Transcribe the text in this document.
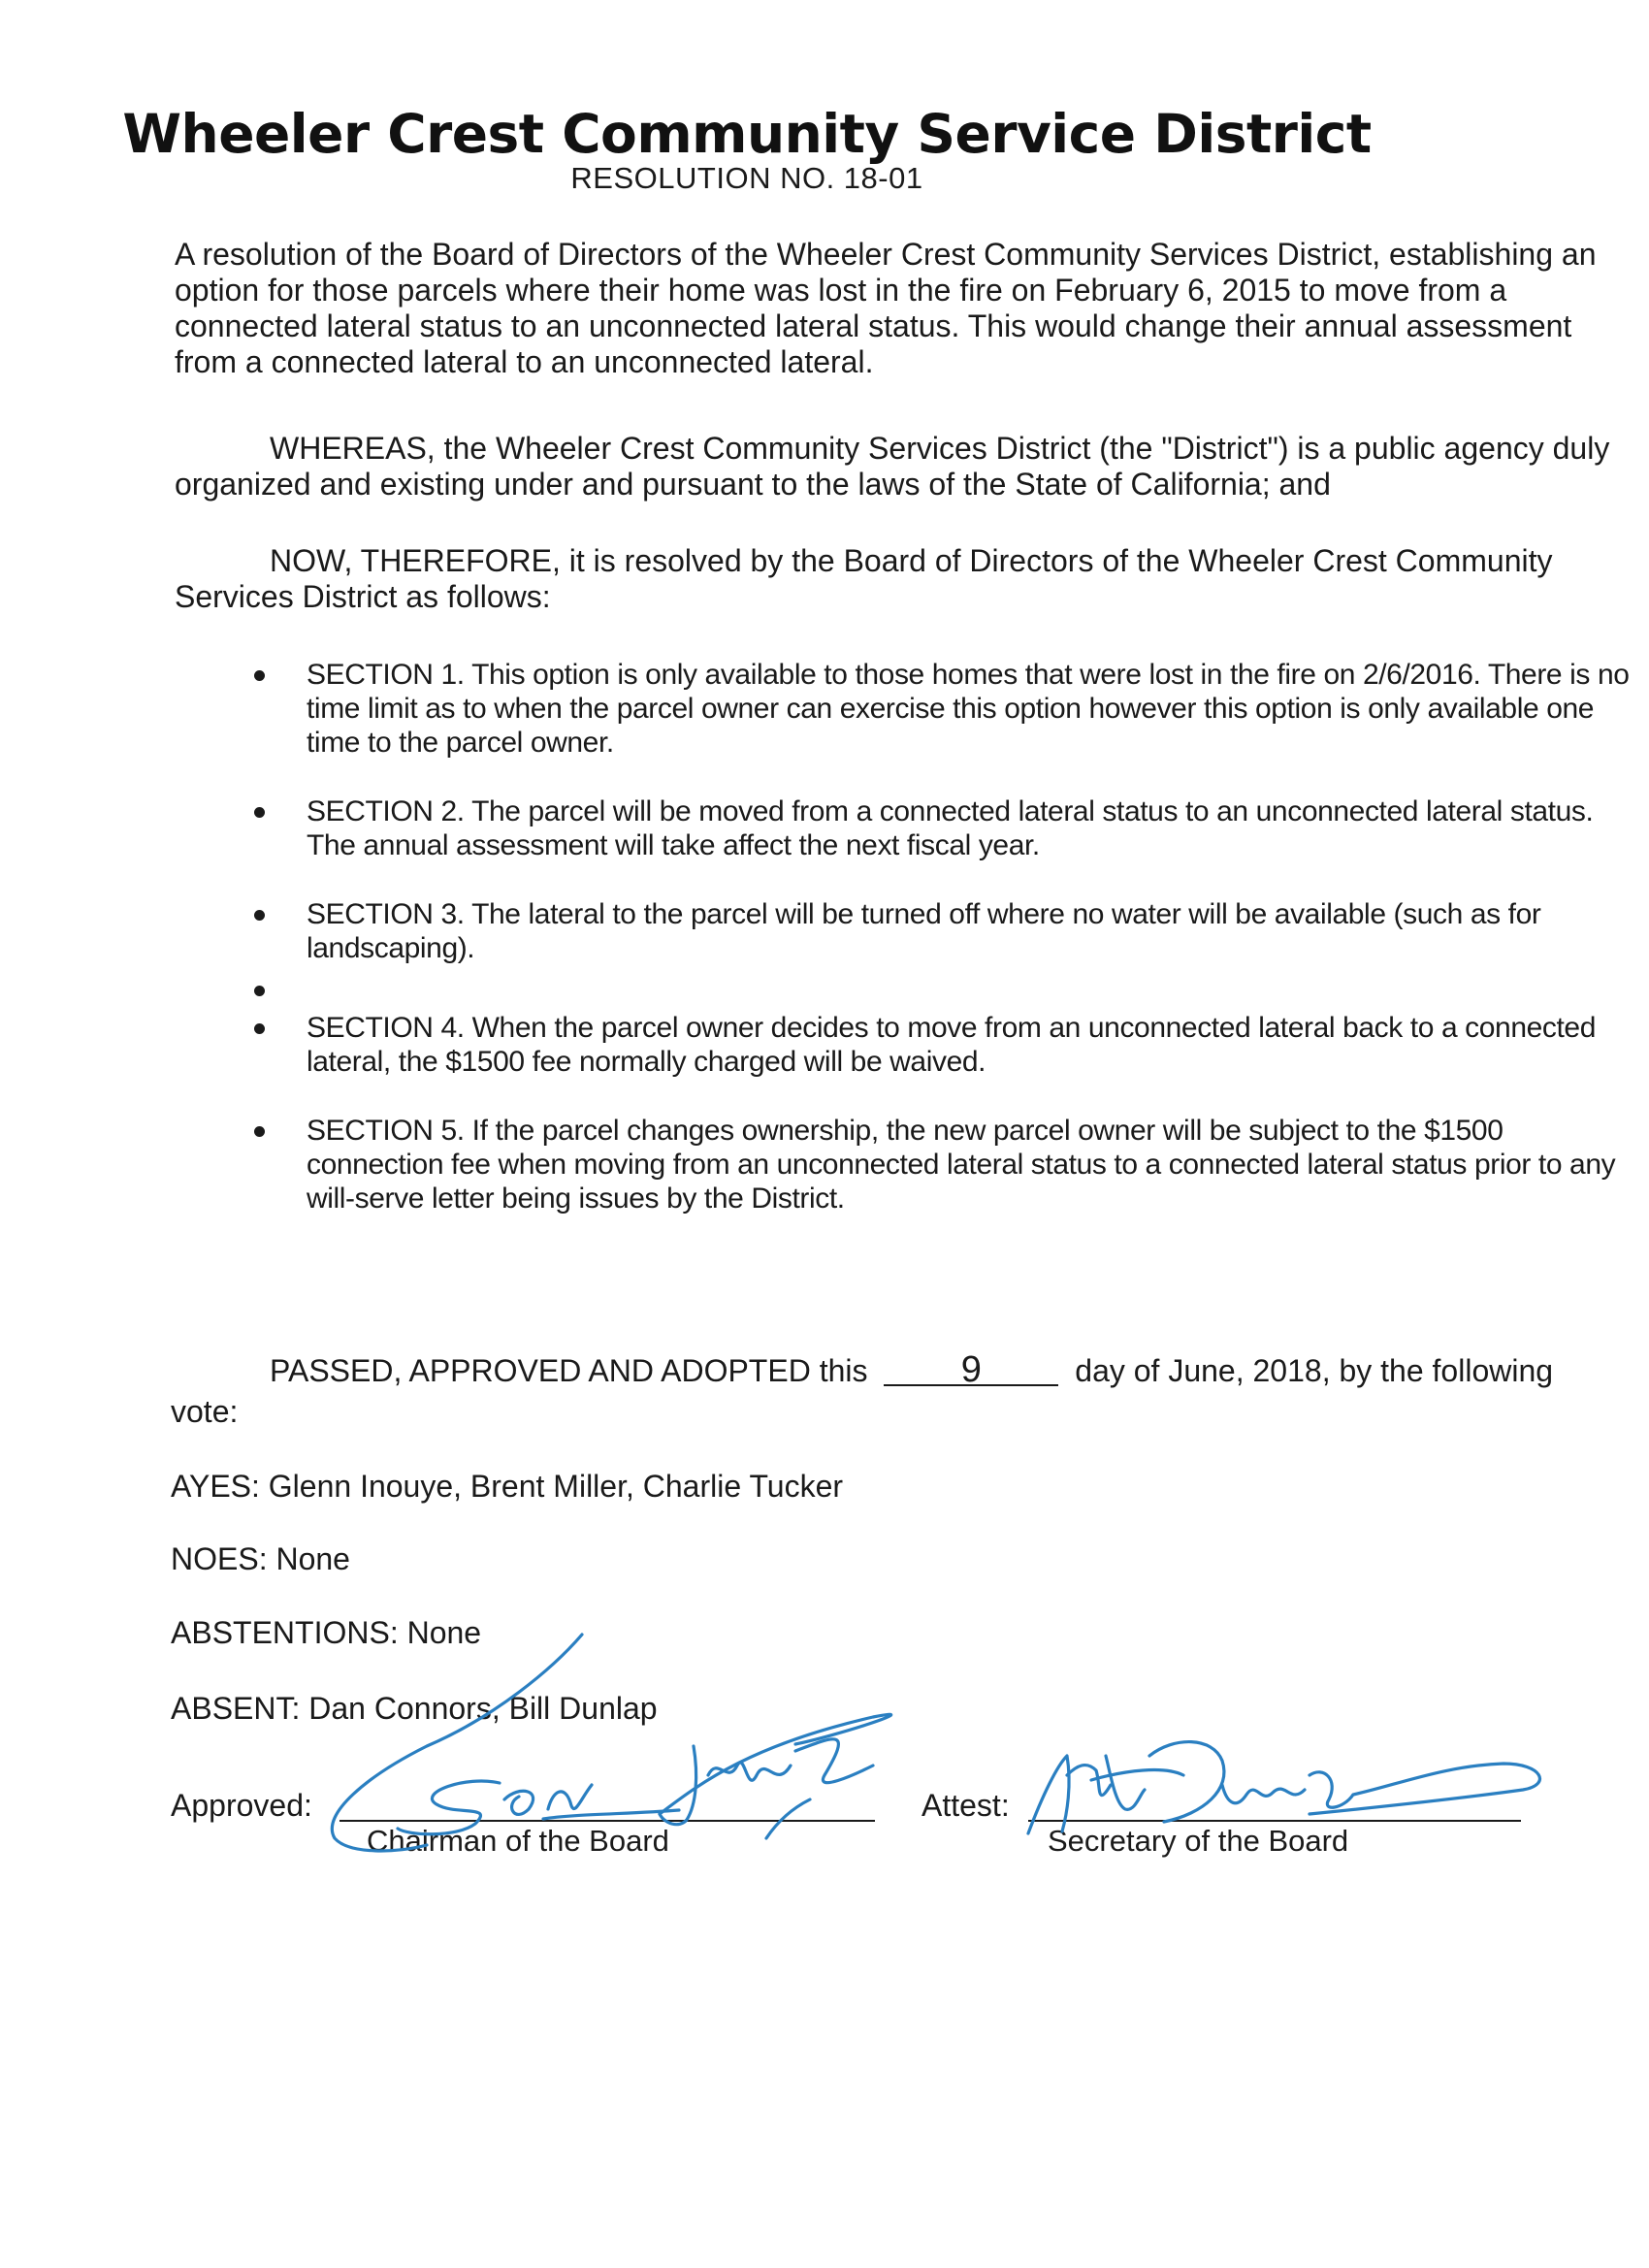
Wheeler Crest Community Service District
RESOLUTION NO. 18-01

A resolution of the Board of Directors of the Wheeler Crest Community Services District, establishing an option for those parcels where their home was lost in the fire on February 6, 2015 to move from a connected lateral status to an unconnected lateral status. This would change their annual assessment from a connected lateral to an unconnected lateral.

WHEREAS, the Wheeler Crest Community Services District (the "District") is a public agency duly organized and existing under and pursuant to the laws of the State of California; and

NOW, THEREFORE, it is resolved by the Board of Directors of the Wheeler Crest Community Services District as follows:

SECTION 1. This option is only available to those homes that were lost in the fire on 2/6/2016. There is no time limit as to when the parcel owner can exercise this option however this option is only available one time to the parcel owner.
SECTION 2. The parcel will be moved from a connected lateral status to an unconnected lateral status. The annual assessment will take affect the next fiscal year.
SECTION 3. The lateral to the parcel will be turned off where no water will be available (such as for landscaping).
SECTION 4. When the parcel owner decides to move from an unconnected lateral back to a connected lateral, the $1500 fee normally charged will be waived.
SECTION 5. If the parcel changes ownership, the new parcel owner will be subject to the $1500 connection fee when moving from an unconnected lateral status to a connected lateral status prior to any will-serve letter being issues by the District.
PASSED, APPROVED AND ADOPTED this	9	day of June, 2018, by the following
vote:
AYES: Glenn Inouye, Brent Miller, Charlie Tucker
NOES: None
ABSTENTIONS: None
ABSENT: Dan Connors, Bill Dunlap
Approved:
Chairman of the Board
Attest:
Secretary of the Board
